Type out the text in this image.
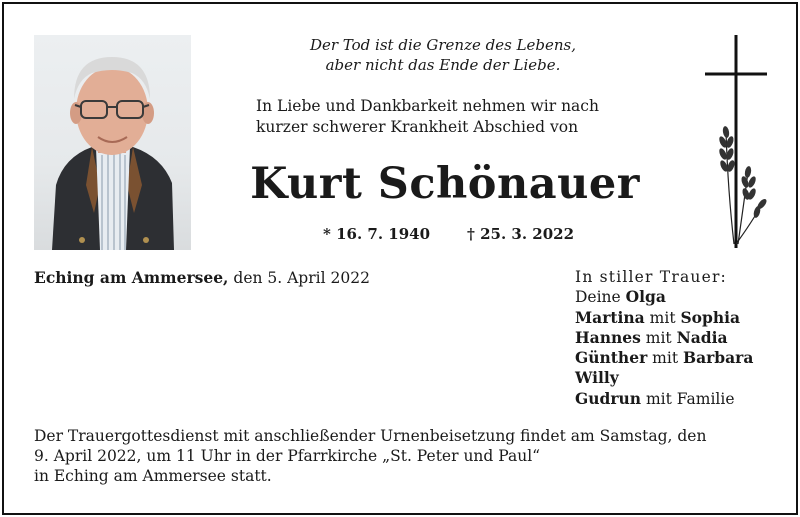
Der Tod ist die Grenze des Lebens,
aber nicht das Ende der Liebe.
In Liebe und Dankbarkeit nehmen wir nach
kurzer schwerer Krankheit Abschied von
Kurt Schönauer
* 16. 7. 1940 † 25. 3. 2022
Eching am Ammersee, den 5. April 2022	In stiller Trauer:
Deine Olga
Martina mit Sophia
Hannes mit Nadia
Günther mit Barbara
Willy
Gudrun mit Familie
Der Trauergottesdienst mit anschließender Urnenbeisetzung findet am Samstag, den
9. April 2022, um 11 Uhr in der Pfarrkirche „St. Peter und Paul“
in Eching am Ammersee statt.
